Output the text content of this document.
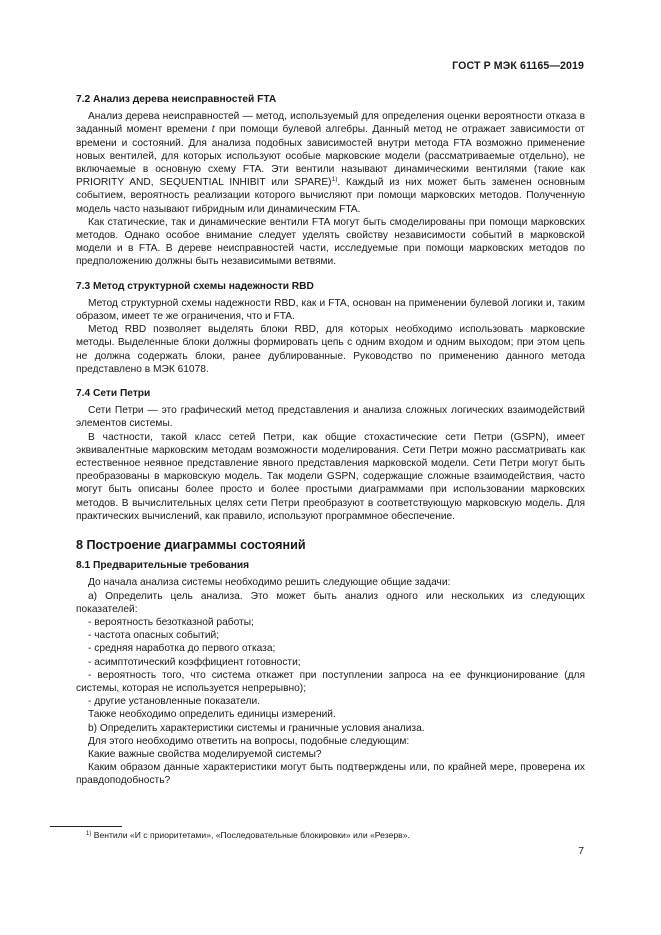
ГОСТ Р МЭК 61165—2019
7.2 Анализ дерева неисправностей FTA

Анализ дерева неисправностей — метод, используемый для определения оценки вероятности отказа в заданный момент времени t при помощи булевой алгебры. Данный метод не отражает зависимости от времени и состояний. Для анализа подобных зависимостей внутри метода FTA возможно применение новых вентилей, для которых используют особые марковские модели (рассматриваемые отдельно), не включаемые в основную схему FTA. Эти вентили называют динамическими вентилями (такие как PRIORITY AND, SEQUENTIAL INHIBIT или SPARE)$^{1)}$. Каждый из них может быть заменен основным событием, вероятность реализации которого вычисляют при помощи марковских методов. Полученную модель часто называют гибридным или динамическим FTA.

Как статические, так и динамические вентили FTA могут быть смоделированы при помощи марковских методов. Однако особое внимание следует уделять свойству независимости событий в марковской модели и в FTA. В дереве неисправностей части, исследуемые при помощи марковских методов по предположению должны быть независимыми ветвями.

7.3 Метод структурной схемы надежности RBD

Метод структурной схемы надежности RBD, как и FTA, основан на применении булевой логики и, таким образом, имеет те же ограничения, что и FTA.

Метод RBD позволяет выделять блоки RBD, для которых необходимо использовать марковские методы. Выделенные блоки должны формировать цепь с одним входом и одним выходом; при этом цепь не должна содержать блоки, ранее дублированные. Руководство по применению данного метода представлено в МЭК 61078.

7.4 Сети Петри

Сети Петри — это графический метод представления и анализа сложных логических взаимодействий элементов системы.

В частности, такой класс сетей Петри, как общие стохастические сети Петри (GSPN), имеет эквивалентные марковским методам возможности моделирования. Сети Петри можно рассматривать как естественное неявное представление явного представления марковской модели. Сети Петри могут быть преобразованы в марковскую модель. Так модели GSPN, содержащие сложные взаимодействия, часто могут быть описаны более просто и более простыми диаграммами при использовании марковских методов. В вычислительных целях сети Петри преобразуют в соответствующую марковскую модель. Для практических вычислений, как правило, используют программное обеспечение.

8 Построение диаграммы состояний
8.1 Предварительные требования

До начала анализа системы необходимо решить следующие общие задачи:

а) Определить цель анализа. Это может быть анализ одного или нескольких из следующих показателей:

- вероятность безотказной работы;
- частота опасных событий;
- средняя наработка до первого отказа;
- асимптотический коэффициент готовности;
- вероятность того, что система откажет при поступлении запроса на ее функционирование (для системы, которая не используется непрерывно);
- другие установленные показатели.

Также необходимо определить единицы измерений.

b) Определить характеристики системы и граничные условия анализа.

Для этого необходимо ответить на вопросы, подобные следующим:

Какие важные свойства моделируемой системы?

Каким образом данные характеристики могут быть подтверждены или, по крайней мере, проверена их правдоподобность?

$^{1)}$ Вентили «И с приоритетами», «Последовательные блокировки» или «Резерв».
7
